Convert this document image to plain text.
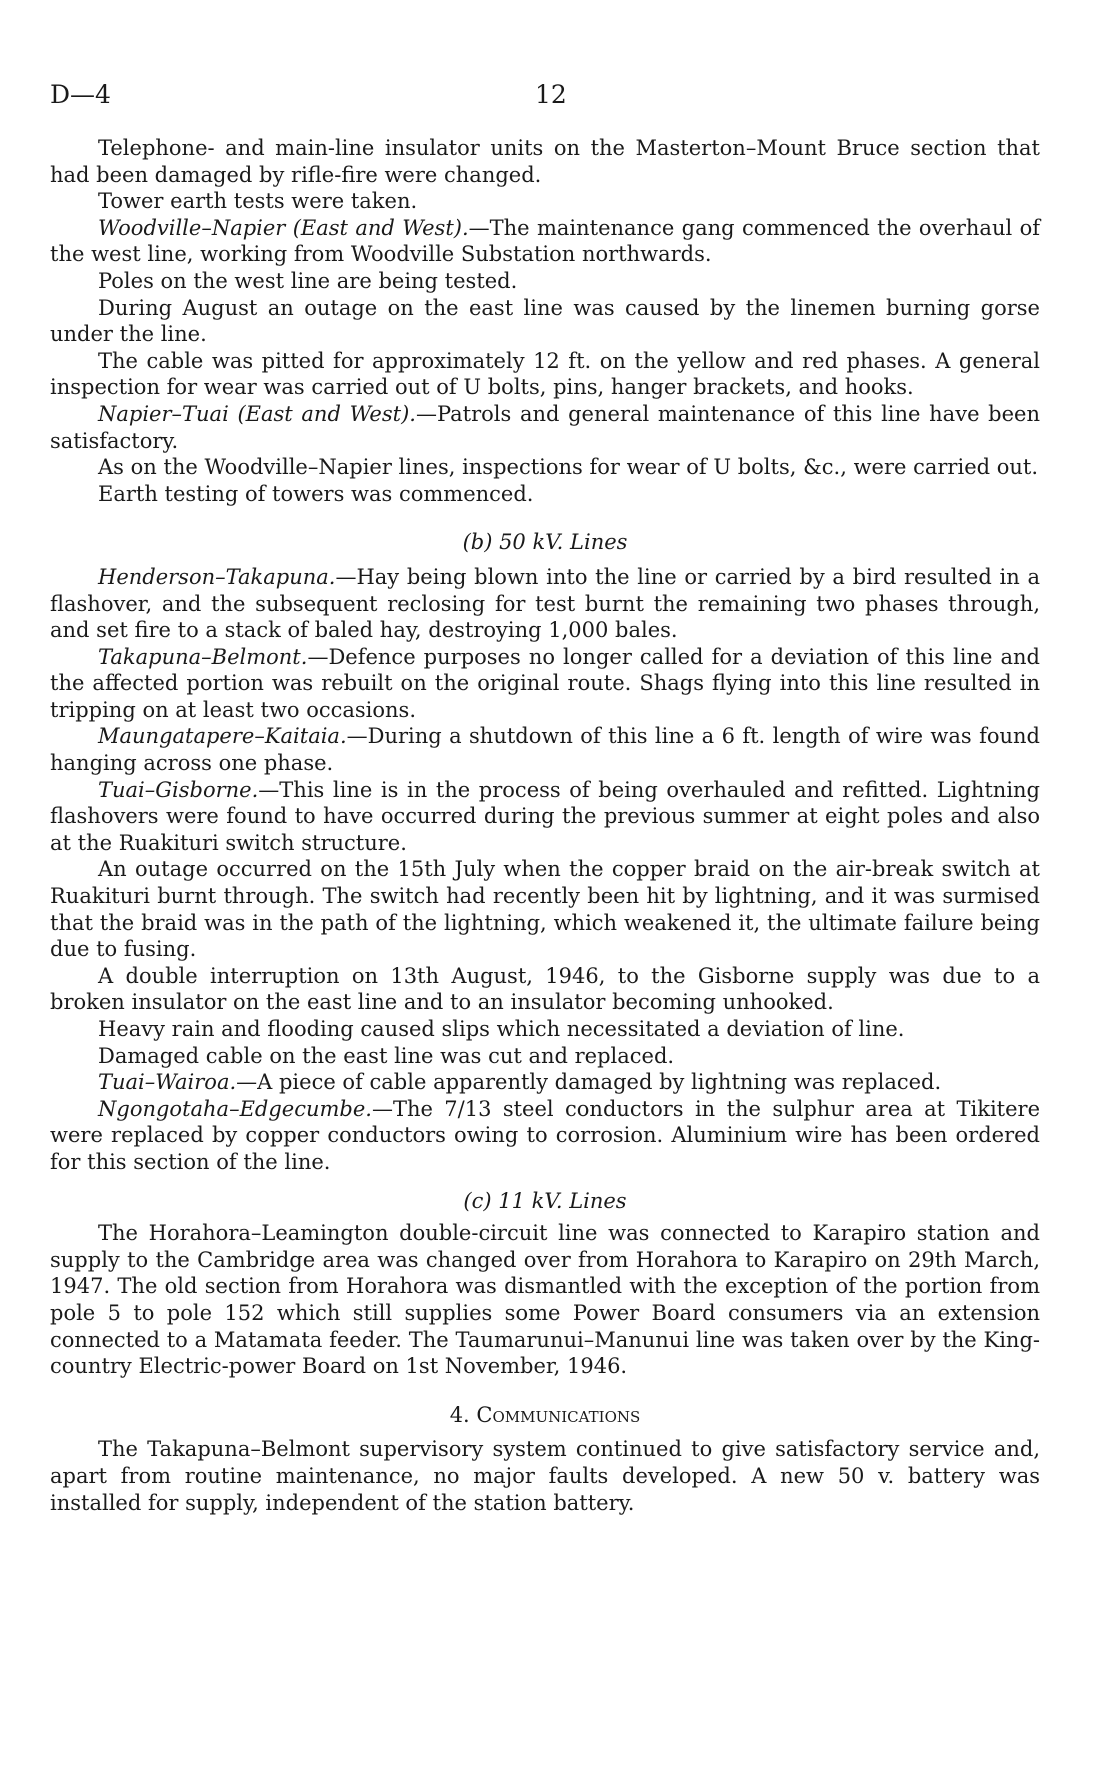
D—4	12

Telephone- and main-line insulator units on the Masterton–Mount Bruce section that had been damaged by rifle-fire were changed.

Tower earth tests were taken.

Woodville–Napier (East and West).—The maintenance gang commenced the overhaul of the west line, working from Woodville Substation northwards.

Poles on the west line are being tested.

During August an outage on the east line was caused by the linemen burning gorse under the line.

The cable was pitted for approximately 12 ft. on the yellow and red phases. A general inspection for wear was carried out of U bolts, pins, hanger brackets, and hooks.

Napier–Tuai (East and West).—Patrols and general maintenance of this line have been satisfactory.

As on the Woodville–Napier lines, inspections for wear of U bolts, &c., were carried out.

Earth testing of towers was commenced.

(b) 50 kV. Lines

Henderson–Takapuna.—Hay being blown into the line or carried by a bird resulted in a flashover, and the subsequent reclosing for test burnt the remaining two phases through, and set fire to a stack of baled hay, destroying 1,000 bales.

Takapuna–Belmont.—Defence purposes no longer called for a deviation of this line and the affected portion was rebuilt on the original route. Shags flying into this line resulted in tripping on at least two occasions.

Maungatapere–Kaitaia.—During a shutdown of this line a 6 ft. length of wire was found hanging across one phase.

Tuai–Gisborne.—This line is in the process of being overhauled and refitted. Lightning flashovers were found to have occurred during the previous summer at eight poles and also at the Ruakituri switch structure.

An outage occurred on the 15th July when the copper braid on the air-break switch at Ruakituri burnt through. The switch had recently been hit by lightning, and it was surmised that the braid was in the path of the lightning, which weakened it, the ultimate failure being due to fusing.

A double interruption on 13th August, 1946, to the Gisborne supply was due to a broken insulator on the east line and to an insulator becoming unhooked.

Heavy rain and flooding caused slips which necessitated a deviation of line.

Damaged cable on the east line was cut and replaced.

Tuai–Wairoa.—A piece of cable apparently damaged by lightning was replaced.

Ngongotaha–Edgecumbe.—The 7/13 steel conductors in the sulphur area at Tikitere were replaced by copper conductors owing to corrosion. Aluminium wire has been ordered for this section of the line.

(c) 11 kV. Lines

The Horahora–Leamington double-circuit line was connected to Karapiro station and supply to the Cambridge area was changed over from Horahora to Karapiro on 29th March, 1947. The old section from Horahora was dismantled with the exception of the portion from pole 5 to pole 152 which still supplies some Power Board consumers via an extension connected to a Matamata feeder. The Taumarunui–Manunui line was taken over by the King-country Electric-power Board on 1st November, 1946.

4. Communications

The Takapuna–Belmont supervisory system continued to give satisfactory service and, apart from routine maintenance, no major faults developed. A new 50 v. battery was installed for supply, independent of the station battery.
